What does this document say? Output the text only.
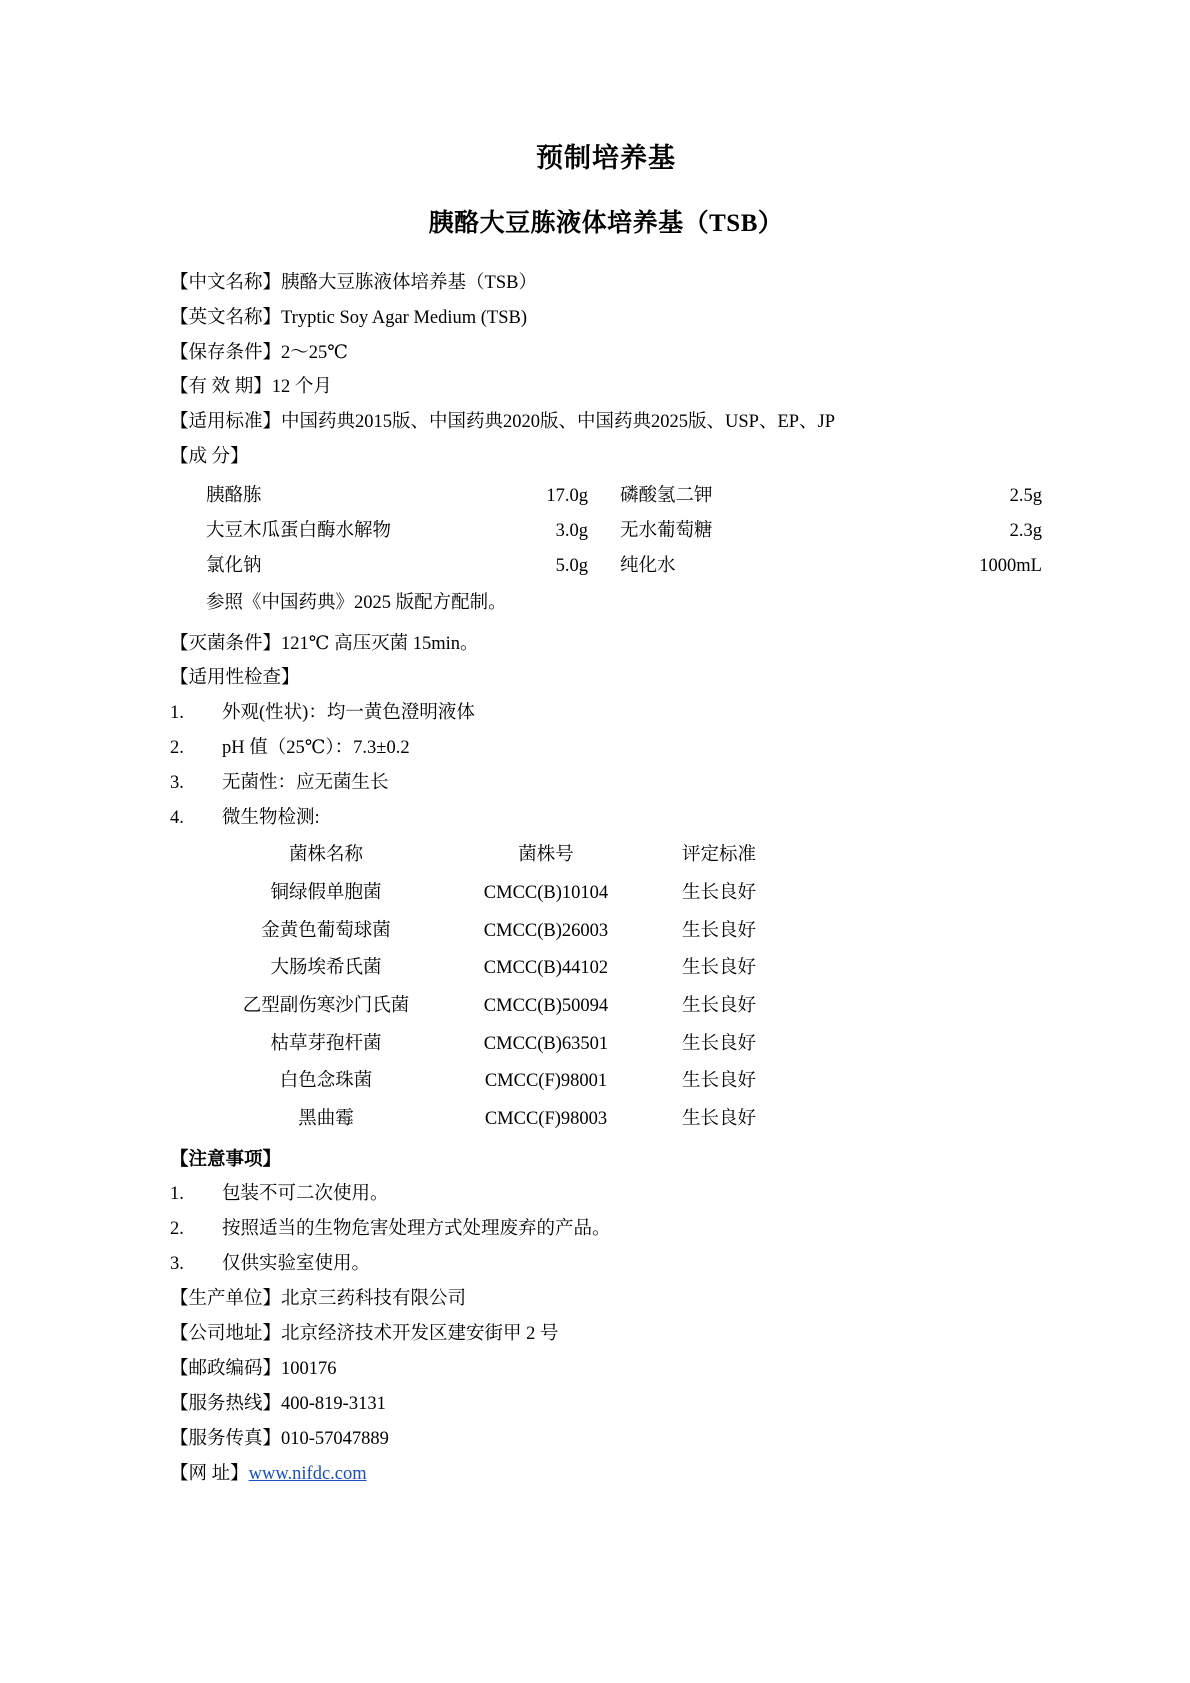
预制培养基
胰酪大豆胨液体培养基（TSB）
【中文名称】胰酪大豆胨液体培养基（TSB）
【英文名称】Tryptic Soy Agar Medium (TSB)
【保存条件】2～25℃
【有 效 期】12 个月
【适用标准】中国药典2015版、中国药典2020版、中国药典2025版、USP、EP、JP
【成 分】
胰酪胨	17.0g	磷酸氢二钾	2.5g
大豆木瓜蛋白酶水解物	3.0g	无水葡萄糖	2.3g
氯化钠	5.0g	纯化水	1000mL
参照《中国药典》2025 版配方配制。
【灭菌条件】121℃ 高压灭菌 15min。
【适用性检查】
1.	外观(性状)：均一黄色澄明液体
2.	pH 值（25℃）：7.3±0.2
3.	无菌性：应无菌生长
4.	微生物检测:
菌株名称	菌株号	评定标准
铜绿假单胞菌	CMCC(B)10104	生长良好
金黄色葡萄球菌	CMCC(B)26003	生长良好
大肠埃希氏菌	CMCC(B)44102	生长良好
乙型副伤寒沙门氏菌	CMCC(B)50094	生长良好
枯草芽孢杆菌	CMCC(B)63501	生长良好
白色念珠菌	CMCC(F)98001	生长良好
黑曲霉	CMCC(F)98003	生长良好
【注意事项】
1.	包装不可二次使用。
2.	按照适当的生物危害处理方式处理废弃的产品。
3.	仅供实验室使用。
【生产单位】北京三药科技有限公司
【公司地址】北京经济技术开发区建安街甲 2 号
【邮政编码】100176
【服务热线】400-819-3131
【服务传真】010-57047889
【网 址】www.nifdc.com
